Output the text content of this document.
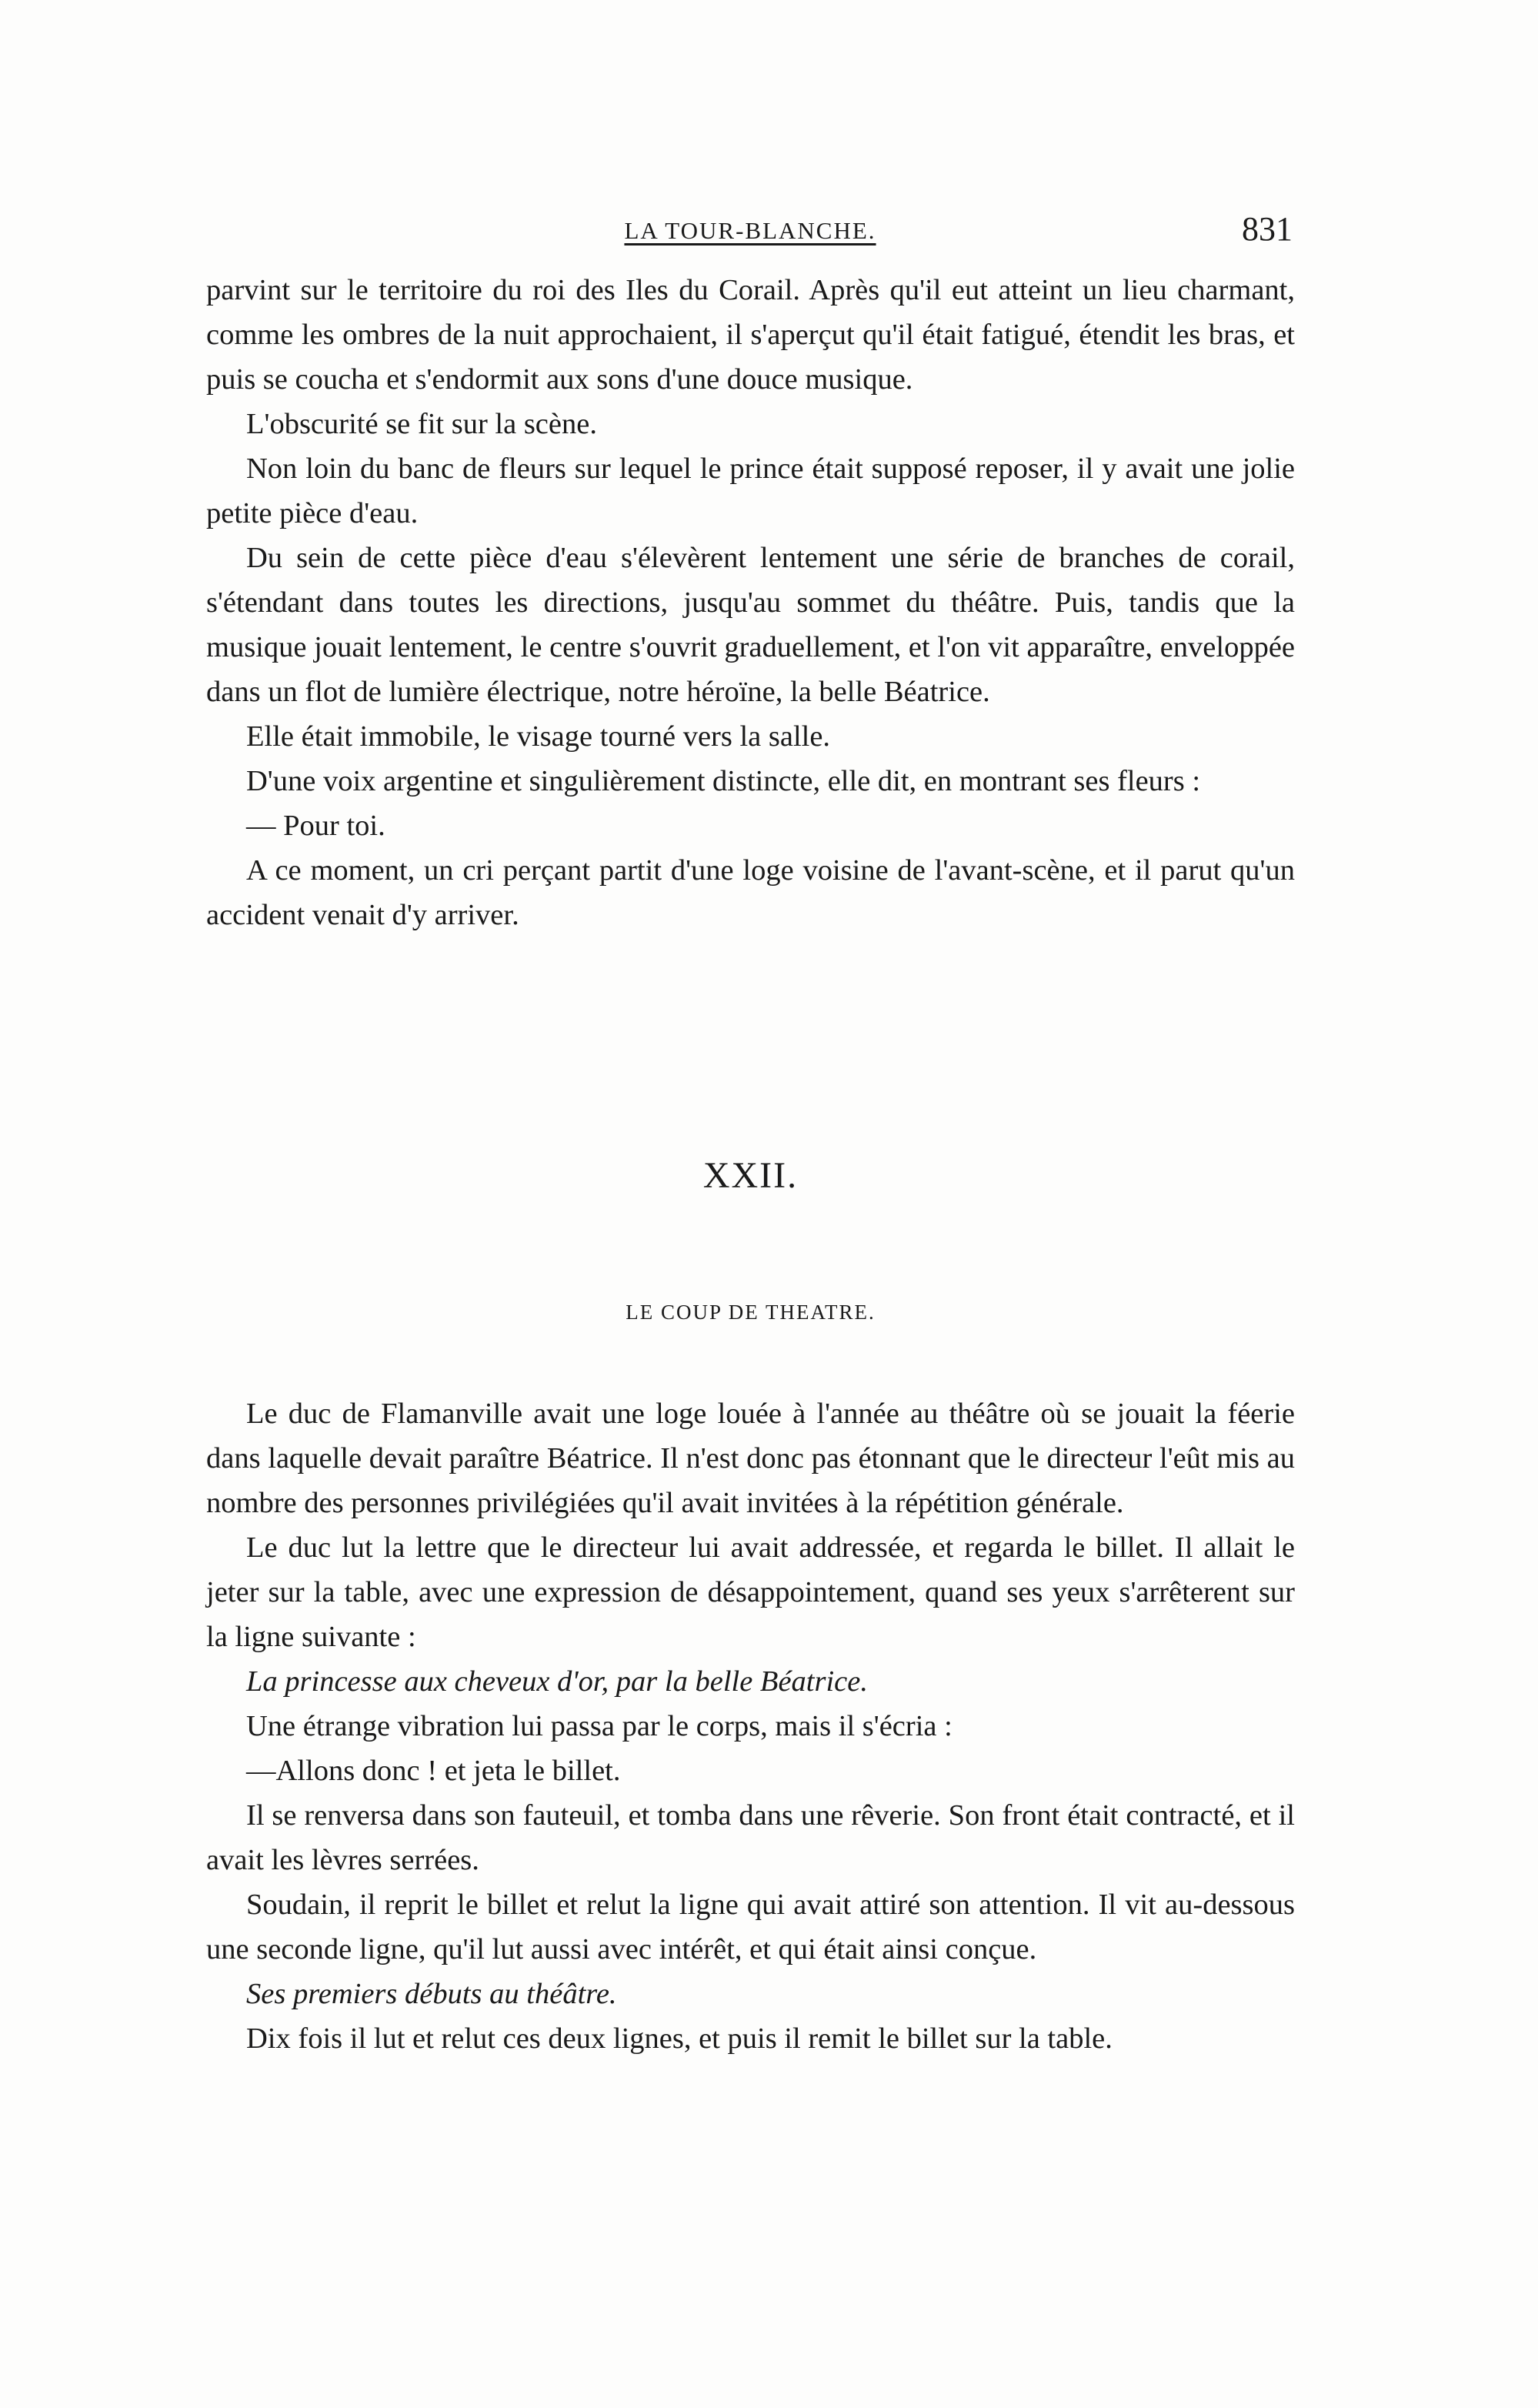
LA TOUR-BLANCHE.	831

parvint sur le territoire du roi des Iles du Corail. Après qu'il eut atteint un lieu charmant, comme les ombres de la nuit approchaient, il s'aperçut qu'il était fatigué, étendit les bras, et puis se coucha et s'endormit aux sons d'une douce musique.

L'obscurité se fit sur la scène.

Non loin du banc de fleurs sur lequel le prince était supposé reposer, il y avait une jolie petite pièce d'eau.

Du sein de cette pièce d'eau s'élevèrent lentement une série de branches de corail, s'étendant dans toutes les directions, jusqu'au sommet du théâtre. Puis, tandis que la musique jouait lentement, le centre s'ouvrit graduellement, et l'on vit apparaître, enveloppée dans un flot de lumière électrique, notre héroïne, la belle Béatrice.

Elle était immobile, le visage tourné vers la salle.

D'une voix argentine et singulièrement distincte, elle dit, en montrant ses fleurs :

— Pour toi.

A ce moment, un cri perçant partit d'une loge voisine de l'avant-scène, et il parut qu'un accident venait d'y arriver.

XXII.
LE COUP DE THEATRE.

Le duc de Flamanville avait une loge louée à l'année au théâtre où se jouait la féerie dans laquelle devait paraître Béatrice. Il n'est donc pas étonnant que le directeur l'eût mis au nombre des personnes privilégiées qu'il avait invitées à la répétition générale.

Le duc lut la lettre que le directeur lui avait addressée, et regarda le billet. Il allait le jeter sur la table, avec une expression de désappointement, quand ses yeux s'arrêterent sur la ligne suivante :

La princesse aux cheveux d'or, par la belle Béatrice.

Une étrange vibration lui passa par le corps, mais il s'écria :

—Allons donc ! et jeta le billet.

Il se renversa dans son fauteuil, et tomba dans une rêverie. Son front était contracté, et il avait les lèvres serrées.

Soudain, il reprit le billet et relut la ligne qui avait attiré son attention. Il vit au-dessous une seconde ligne, qu'il lut aussi avec intérêt, et qui était ainsi conçue.

Ses premiers débuts au théâtre.

Dix fois il lut et relut ces deux lignes, et puis il remit le billet sur la table.
